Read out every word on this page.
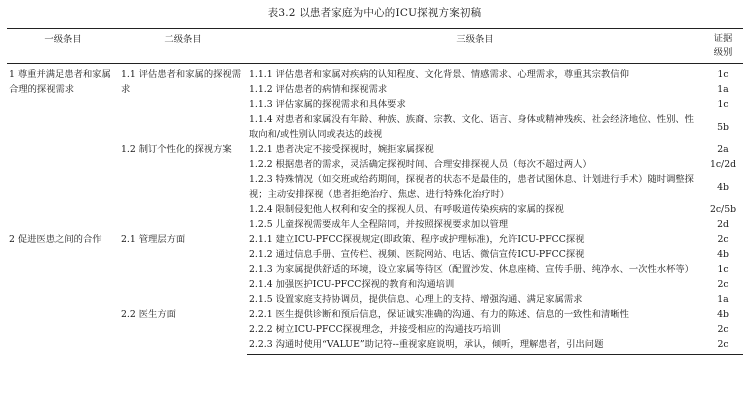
表3.2 以患者家庭为中心的ICU探视方案初稿
一级条目	二级条目	三级条目	证据
级别
1 尊重并满足患者和家属合理的探视需求	1.1 评估患者和家属的探视需求	1.1.1 评估患者和家属对疾病的认知程度、文化背景、情感需求、心理需求，尊重其宗教信仰	1c
		1.1.2 评估患者的病情和探视需求	1a
		1.1.3 评估家属的探视需求和具体要求	1c
		1.1.4 对患者和家属没有年龄、种族、族裔、宗教、文化、语言、身体或精神残疾、社会经济地位、性别、性取向和/或性别认同或表达的歧视	5b
	1.2 制订个性化的探视方案	1.2.1 患者决定不接受探视时，婉拒家属探视	2a
		1.2.2 根据患者的需求，灵活确定探视时间、合理安排探视人员（每次不超过两人）	1c/2d
		1.2.3 特殊情况（如交班或给药期间，探视者的状态不是最佳的，患者试图休息、计划进行手术）随时调整探视；主动安排探视（患者拒绝治疗、焦虑、进行特殊化治疗时）	4b
		1.2.4 限制侵犯他人权利和安全的探视人员、有呼吸道传染疾病的家属的探视	2c/5b
		1.2.5 儿童探视需要成年人全程陪同，并按照探视要求加以管理	2d
2 促进医患之间的合作	2.1 管理层方面	2.1.1 建立ICU-PFCC探视规定(即政策、程序或护理标准)，允许ICU-PFCC探视	2c
		2.1.2 通过信息手册、宣传栏、视频、医院网站、电话、微信宣传ICU-PFCC探视	4b
		2.1.3 为家属提供舒适的环境，设立家属等待区（配置沙发、休息座椅、宣传手册、纯净水、一次性水杯等）	1c
		2.1.4 加强医护ICU-PFCC探视的教育和沟通培训	2c
		2.1.5 设置家庭支持协调员，提供信息、心理上的支持、增强沟通、满足家属需求	1a
	2.2 医生方面	2.2.1 医生提供诊断和预后信息，保证诚实准确的沟通、有力的陈述、信息的一致性和清晰性	4b
		2.2.2 树立ICU-PFCC探视理念，并接受相应的沟通技巧培训	2c
		2.2.3 沟通时使用“VALUE”助记符--重视家庭说明，承认，倾听，理解患者，引出问题	2c
